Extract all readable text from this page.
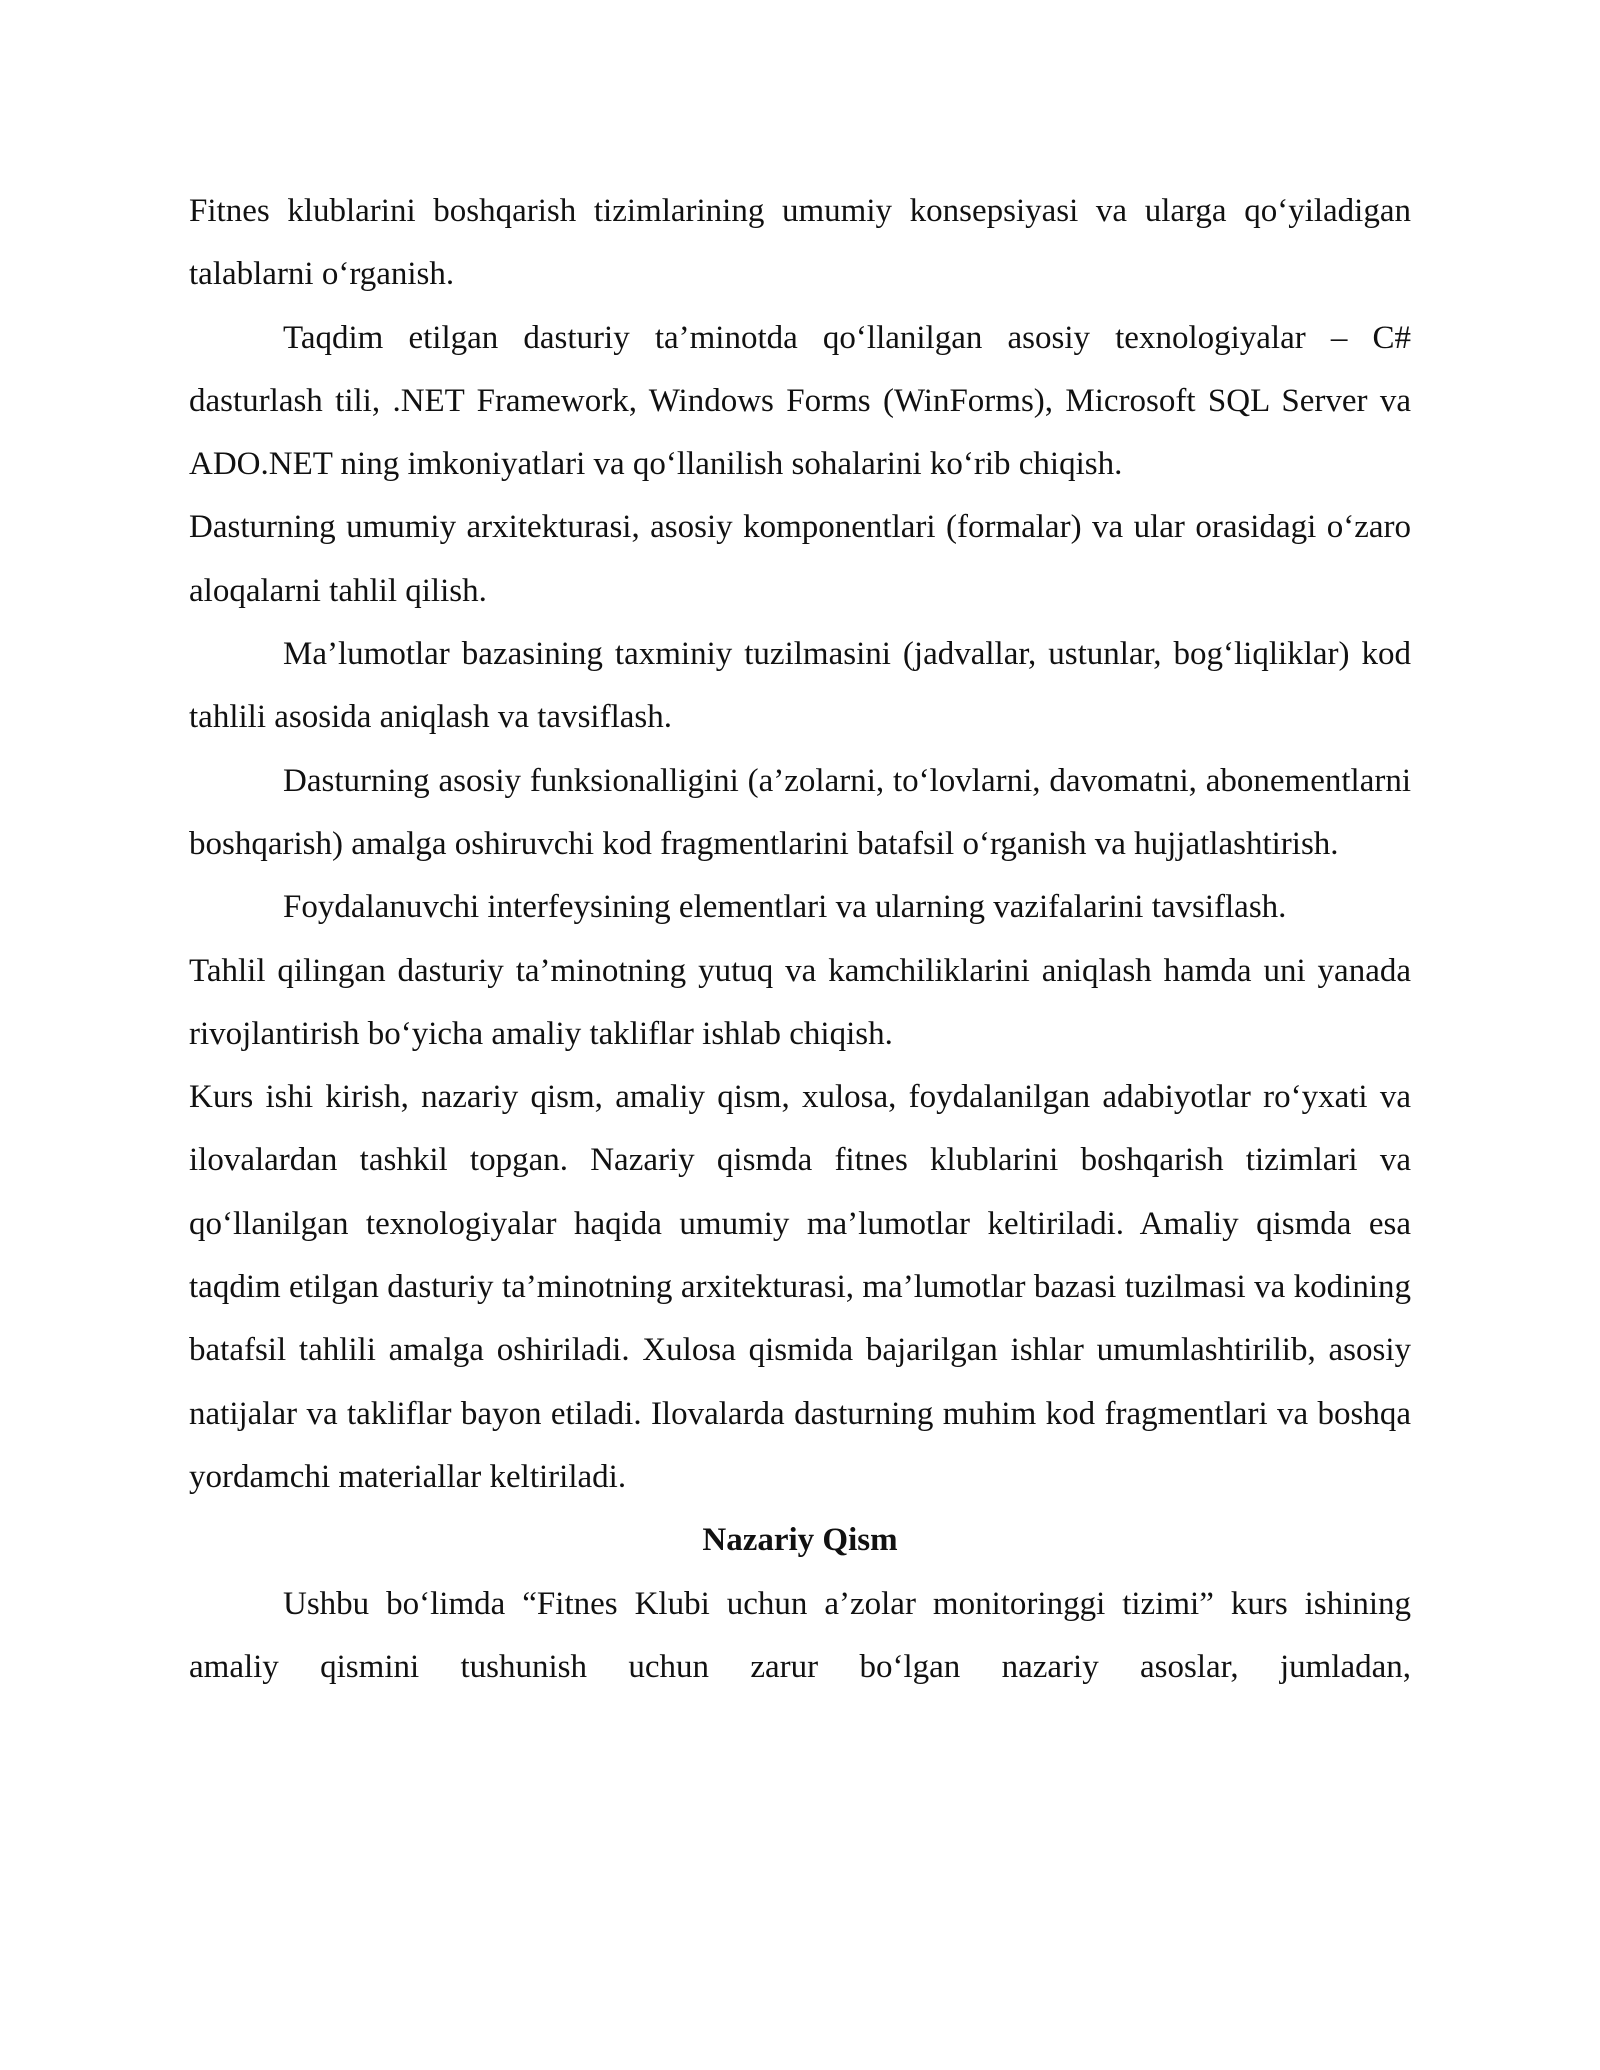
Fitnes klublarini boshqarish tizimlarining umumiy konsepsiyasi va ularga qo‘yiladigan talablarni o‘rganish.

Taqdim etilgan dasturiy ta’minotda qo‘llanilgan asosiy texnologiyalar – C# dasturlash tili, .NET Framework, Windows Forms (WinForms), Microsoft SQL Server va ADO.NET ning imkoniyatlari va qo‘llanilish sohalarini ko‘rib chiqish.

Dasturning umumiy arxitekturasi, asosiy komponentlari (formalar) va ular orasidagi o‘zaro aloqalarni tahlil qilish.

Ma’lumotlar bazasining taxminiy tuzilmasini (jadvallar, ustunlar, bog‘liqliklar) kod tahlili asosida aniqlash va tavsiflash.

Dasturning asosiy funksionalligini (a’zolarni, to‘lovlarni, davomatni, abonementlarni boshqarish) amalga oshiruvchi kod fragmentlarini batafsil o‘rganish va hujjatlashtirish.

Foydalanuvchi interfeysining elementlari va ularning vazifalarini tavsiflash.

Tahlil qilingan dasturiy ta’minotning yutuq va kamchiliklarini aniqlash hamda uni yanada rivojlantirish bo‘yicha amaliy takliflar ishlab chiqish.

Kurs ishi kirish, nazariy qism, amaliy qism, xulosa, foydalanilgan adabiyotlar ro‘yxati va ilovalardan tashkil topgan. Nazariy qismda fitnes klublarini boshqarish tizimlari va qo‘llanilgan texnologiyalar haqida umumiy ma’lumotlar keltiriladi. Amaliy qismda esa taqdim etilgan dasturiy ta’minotning arxitekturasi, ma’lumotlar bazasi tuzilmasi va kodining batafsil tahlili amalga oshiriladi. Xulosa qismida bajarilgan ishlar umumlashtirilib, asosiy natijalar va takliflar bayon etiladi. Ilovalarda dasturning muhim kod fragmentlari va boshqa yordamchi materiallar keltiriladi.

Nazariy Qism

Ushbu bo‘limda “Fitnes Klubi uchun a’zolar monitoringgi tizimi” kurs ishining amaliy qismini tushunish uchun zarur bo‘lgan nazariy asoslar, jumladan,
